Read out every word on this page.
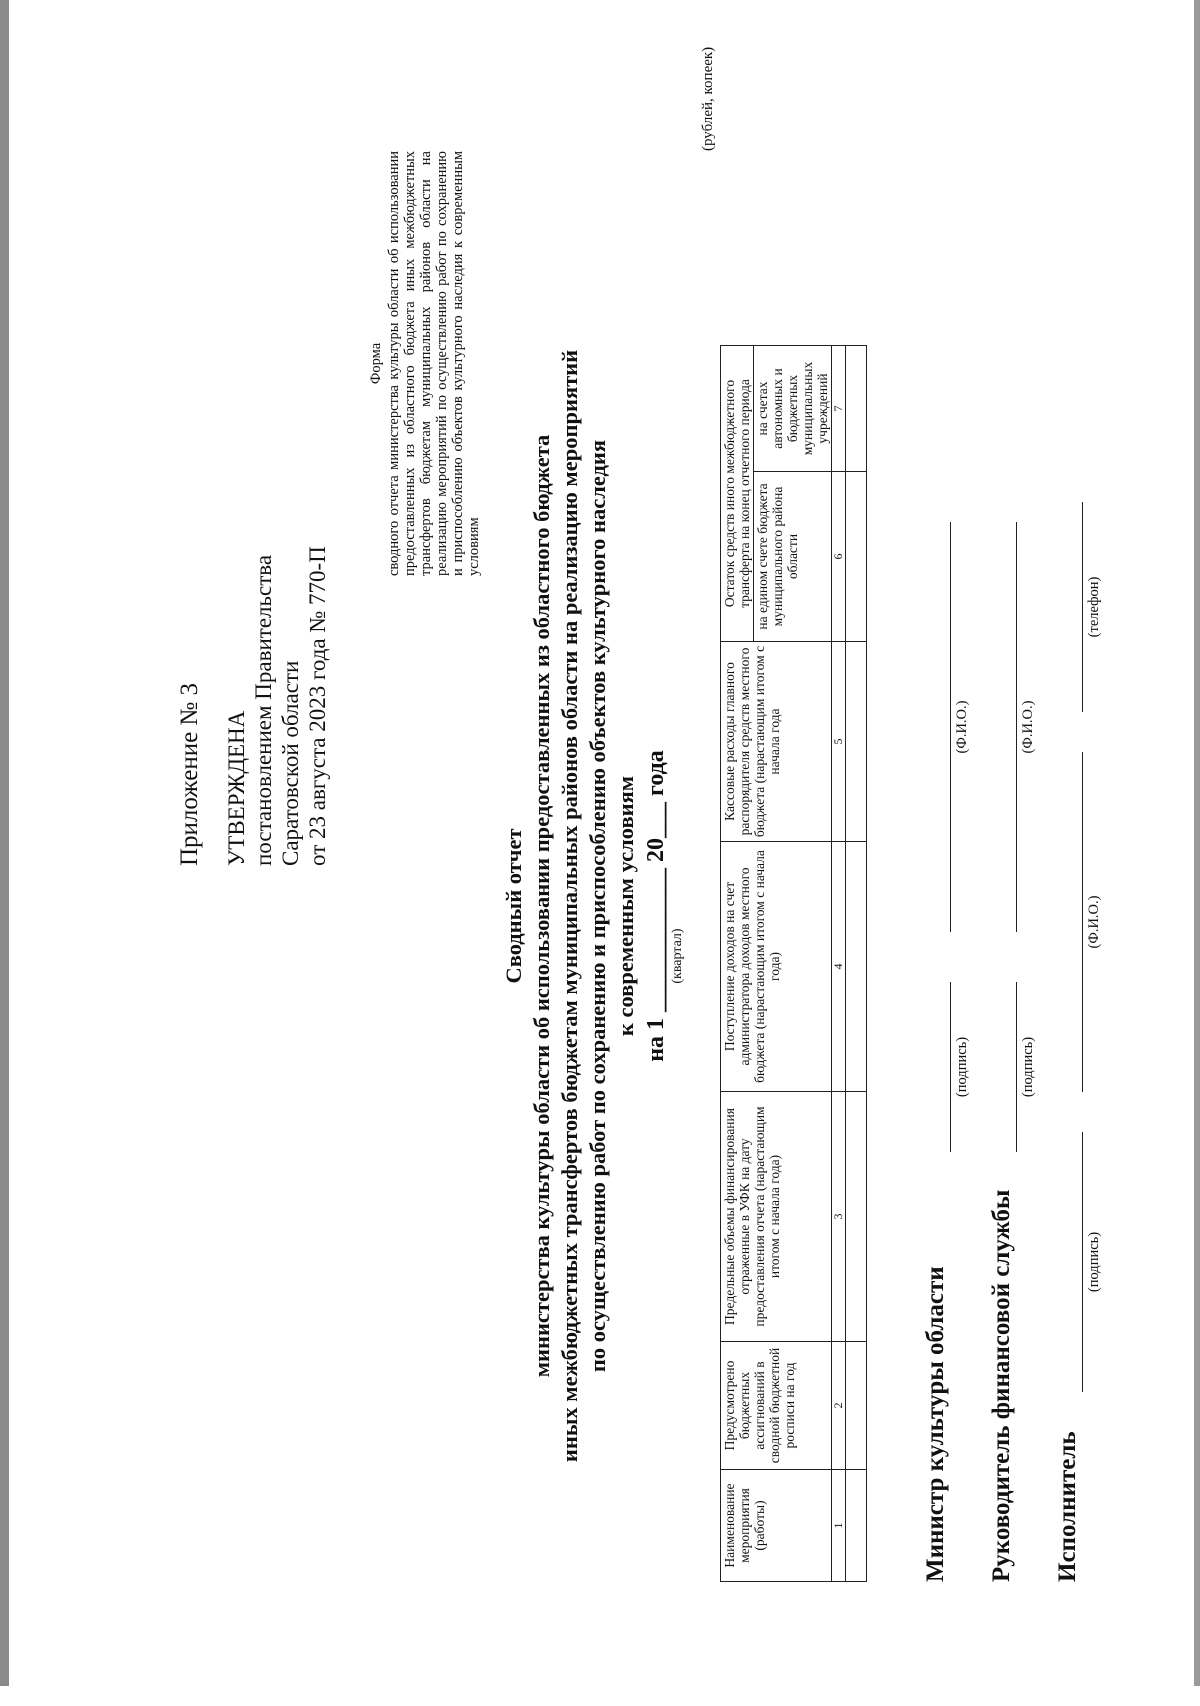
Приложение № 3 УТВЕРЖДЕНА постановлением Правительства Саратовской области от 23 августа 2023 года № 770-П
Форма сводного отчета министерства культуры области об использовании предоставленных из областного бюджета иных межбюджетных трансфертов бюджетам муниципальных районов области на реализацию мероприятий по осуществлению работ по сохранению и приспособлению объектов культурного наследия к современным условиям
Сводный отчет министерства культуры области об использовании предоставленных из областного бюджета иных межбюджетных трансфертов бюджетам муниципальных районов области на реализацию мероприятий по осуществлению работ по сохранению и приспособлению объектов культурного наследия к современным условиям на 1 ____________ 20___ года (квартал)
(рублей, копеек)
Наименование мероприятия (работы)	Предусмотрено бюджетных ассигнований в сводной бюджетной росписи на год	Предельные объемы финансирования отраженные в УФК на дату предоставления отчета (нарастающим итогом с начала года)	Поступление доходов на счет администратора доходов местного бюджета (нарастающим итогом с начала года)	Кассовые расходы главного распорядителя средств местного бюджета (нарастающим итогом с начала года	Остаток средств иного межбюджетного трансферта на конец отчетного периода	
					на едином счете бюджета муниципального района области	на счетах автономных и бюджетных муниципальных учреждений
1	2	3	4	5	6	7

Министр культуры области
(подпись)
(Ф.И.О.)
Руководитель финансовой службы
(подпись)
(Ф.И.О.)
Исполнитель
(подпись)
(Ф.И.О.)
(телефон)
